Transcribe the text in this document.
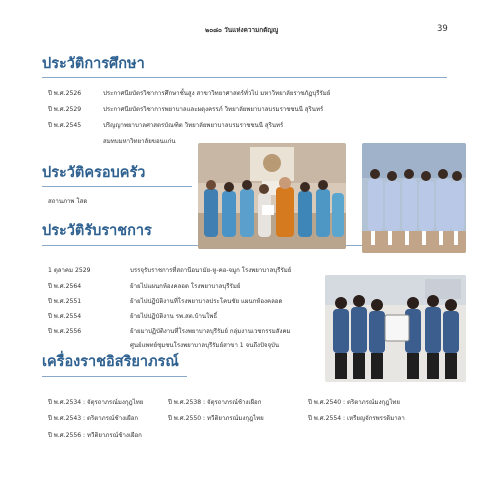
๒๐๘๐ วันแห่งความกตัญญู	39
ประวัติการศึกษา
ปี พ.ศ.2526	ประกาศนียบัตรวิชาการศึกษาชั้นสูง สาขาวิทยาศาสตร์ทั่วไป มหาวิทยาลัยราชภัฏบุรีรัมย์
ปี พ.ศ.2529	ประกาศนียบัตรวิชาการพยาบาลและผดุงครรภ์ วิทยาลัยพยาบาลบรมราชชนนี สุรินทร์
ปี พ.ศ.2545	ปริญญาพยาบาลศาสตรบัณฑิต วิทยาลัยพยาบาลบรมราชชนนี สุรินทร์
สมทบมหาวิทยาลัยขอนแก่น
ประวัติครอบครัว
สถานภาพ โสด
ประวัติรับราชการ
1 ตุลาคม 2529	บรรจุรับราชการที่สถานีอนามัย-หู-คอ-จมูก โรงพยาบาลบุรีรัมย์
ปี พ.ศ.2564	ย้ายไปแผนกห้องคลอด โรงพยาบาลบุรีรัมย์
ปี พ.ศ.2551	ย้ายไปปฏิบัติงานที่โรงพยาบาลประโคนชัย แผนกห้องคลอด
ปี พ.ศ.2554	ย้ายไปปฏิบัติงาน รพ.สต.บ้านโพธิ์
ปี พ.ศ.2556	ย้ายมาปฏิบัติงานที่โรงพยาบาลบุรีรัมย์ กลุ่มงานเวชกรรมสังคม
ศูนย์แพทย์ชุมชนโรงพยาบาลบุรีรัมย์สาขา 1 จนถึงปัจจุบัน
เครื่องราชอิสริยาภรณ์
ปี พ.ศ.2534 : จัตุรถาภรณ์มงกุฎไทย	ปี พ.ศ.2538 : จัตุรถาภรณ์ช้างเผือก	ปี พ.ศ.2540 : ตริตาภรณ์มงกุฎไทย
ปี พ.ศ.2543 : ตริตาภรณ์ช้างเผือก	ปี พ.ศ.2550 : ทวีติยาภรณ์มงกุฎไทย	ปี พ.ศ.2554 : เหรียญจักรพรรดิมาลา
ปี พ.ศ.2556 : ทวีติยาภรณ์ช้างเผือก
